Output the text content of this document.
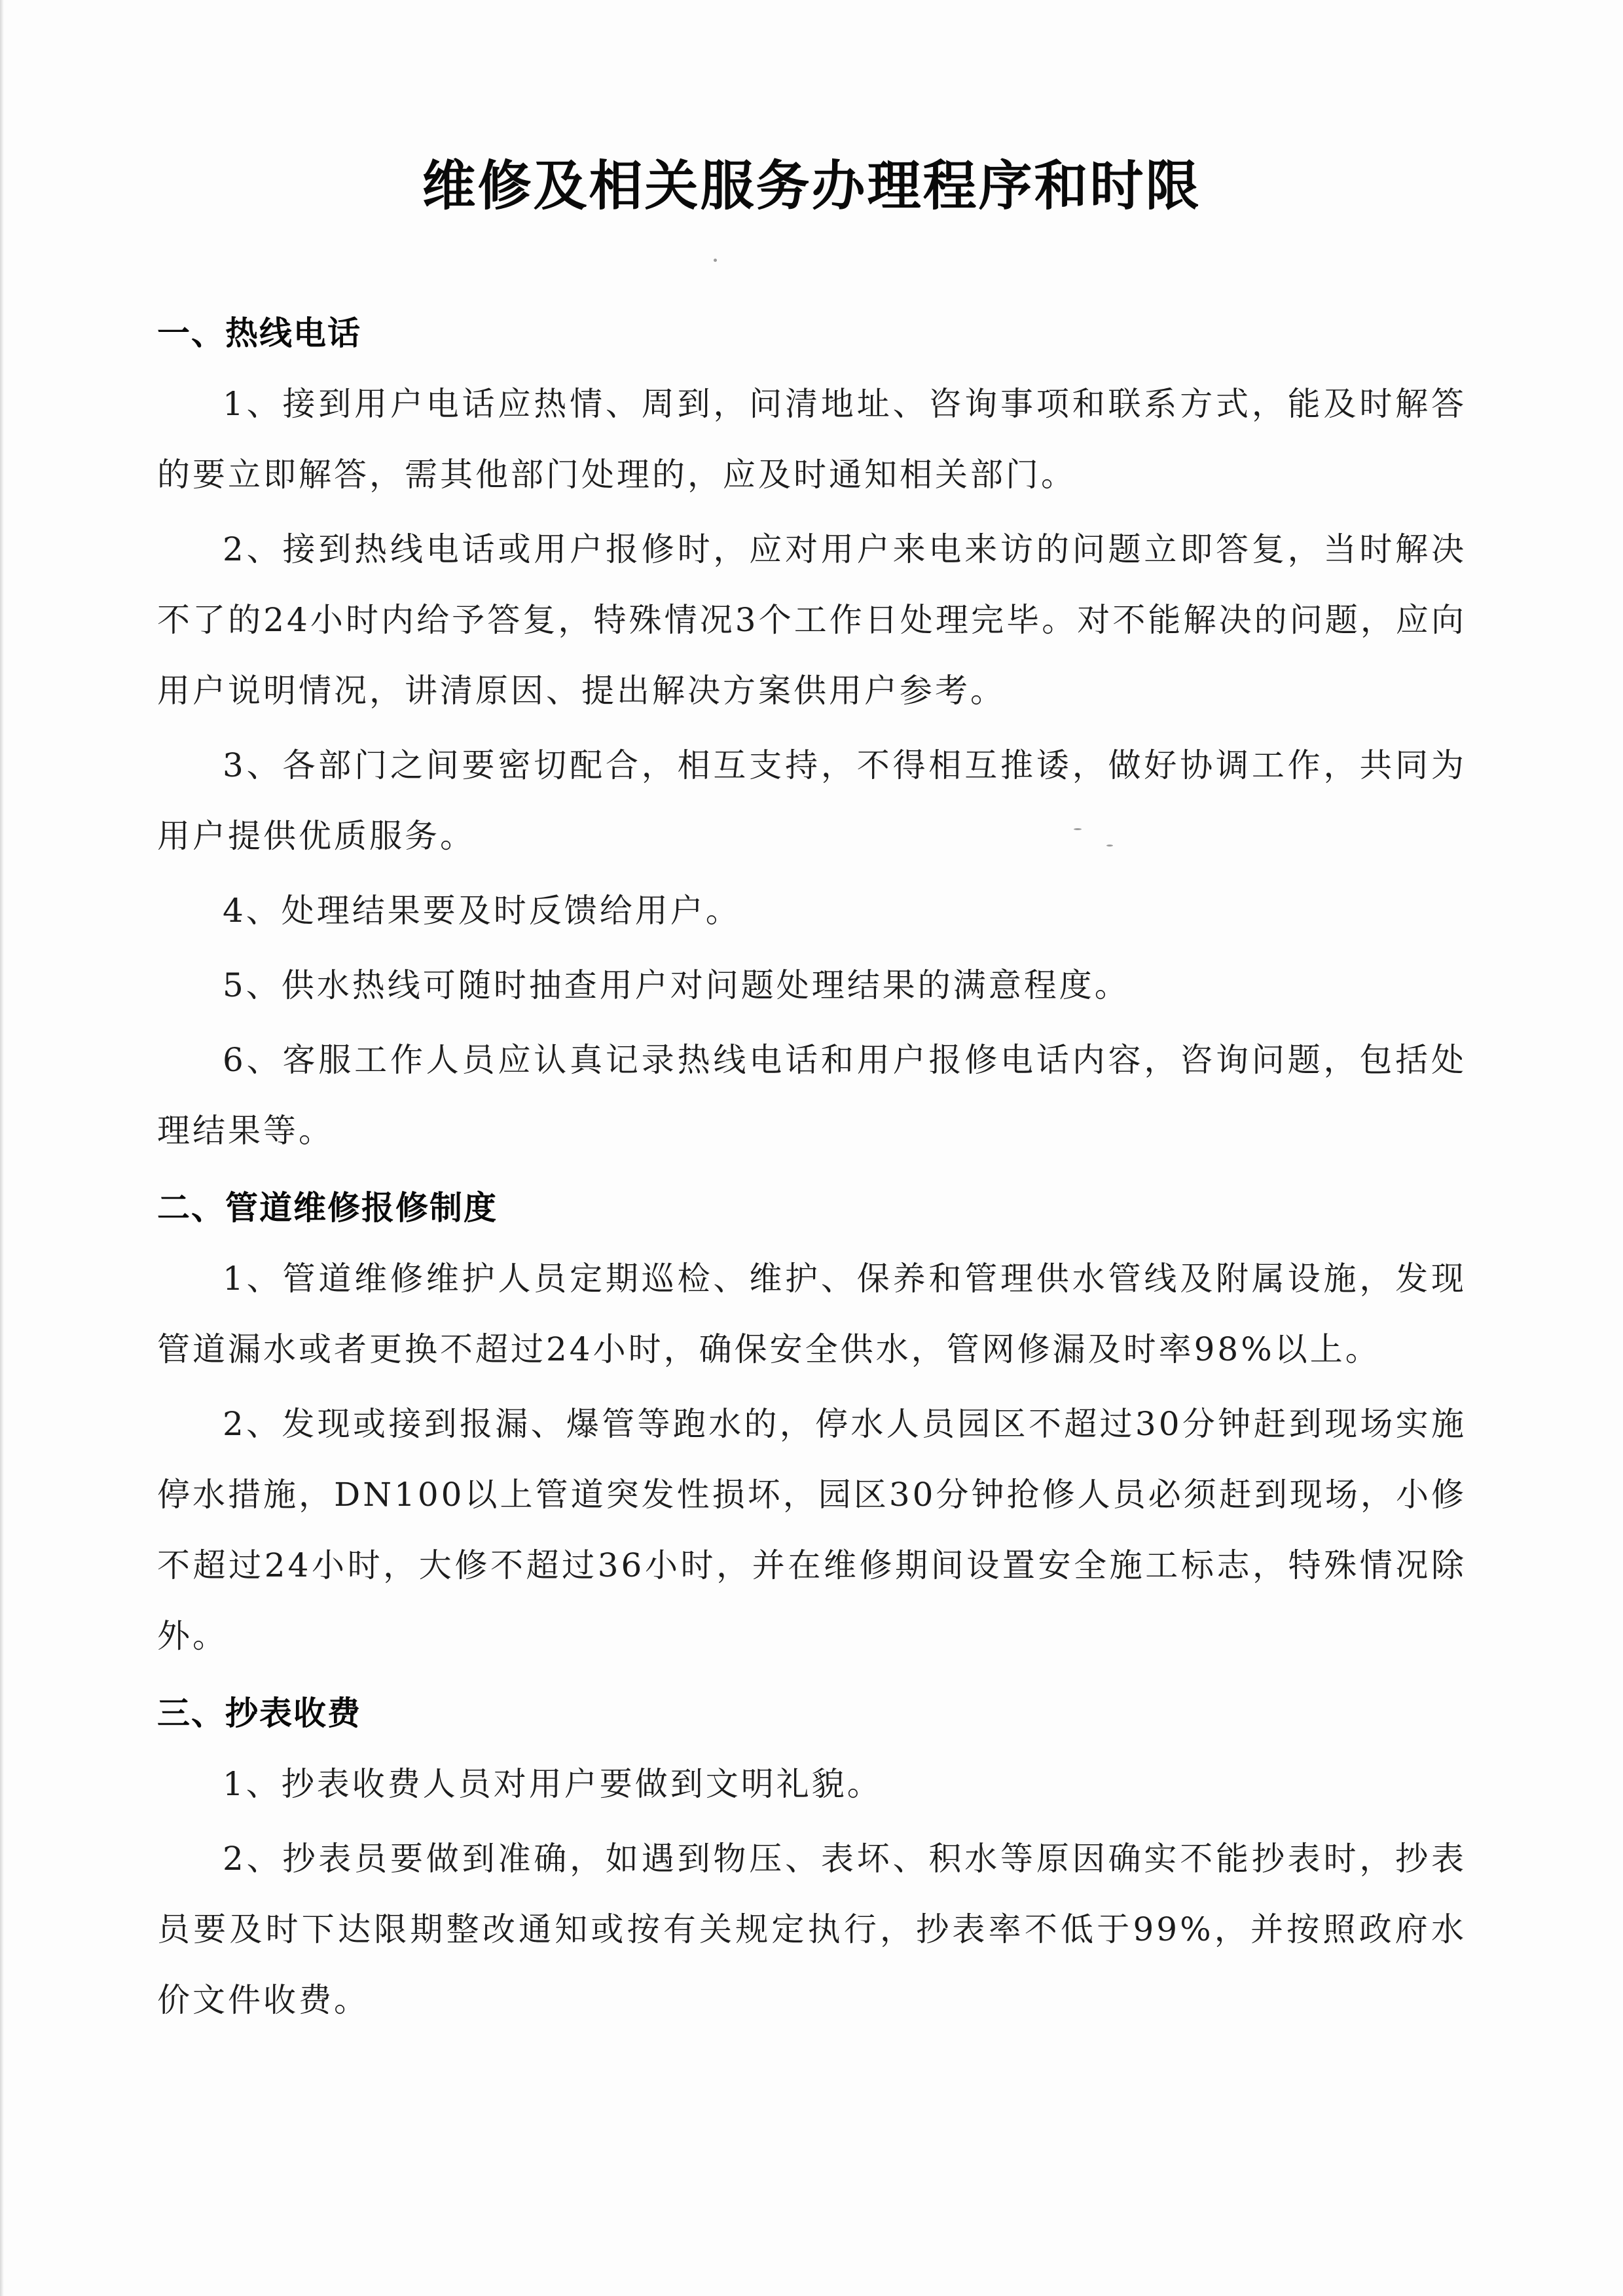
维修及相关服务办理程序和时限

一、热线电话

1、接到用户电话应热情、周到，问清地址、咨询事项和联系方式，能及时解答的要立即解答，需其他部门处理的，应及时通知相关部门。

2、接到热线电话或用户报修时，应对用户来电来访的问题立即答复，当时解决不了的24小时内给予答复，特殊情况3个工作日处理完毕。对不能解决的问题，应向用户说明情况，讲清原因、提出解决方案供用户参考。

3、各部门之间要密切配合，相互支持，不得相互推诿，做好协调工作，共同为用户提供优质服务。

4、处理结果要及时反馈给用户。

5、供水热线可随时抽查用户对问题处理结果的满意程度。

6、客服工作人员应认真记录热线电话和用户报修电话内容，咨询问题，包括处理结果等。

二、管道维修报修制度

1、管道维修维护人员定期巡检、维护、保养和管理供水管线及附属设施，发现管道漏水或者更换不超过24小时，确保安全供水，管网修漏及时率98%以上。

2、发现或接到报漏、爆管等跑水的，停水人员园区不超过30分钟赶到现场实施停水措施，DN100以上管道突发性损坏，园区30分钟抢修人员必须赶到现场，小修不超过24小时，大修不超过36小时，并在维修期间设置安全施工标志，特殊情况除外。

三、抄表收费

1、抄表收费人员对用户要做到文明礼貌。

2、抄表员要做到准确，如遇到物压、表坏、积水等原因确实不能抄表时，抄表员要及时下达限期整改通知或按有关规定执行，抄表率不低于99%，并按照政府水价文件收费。
